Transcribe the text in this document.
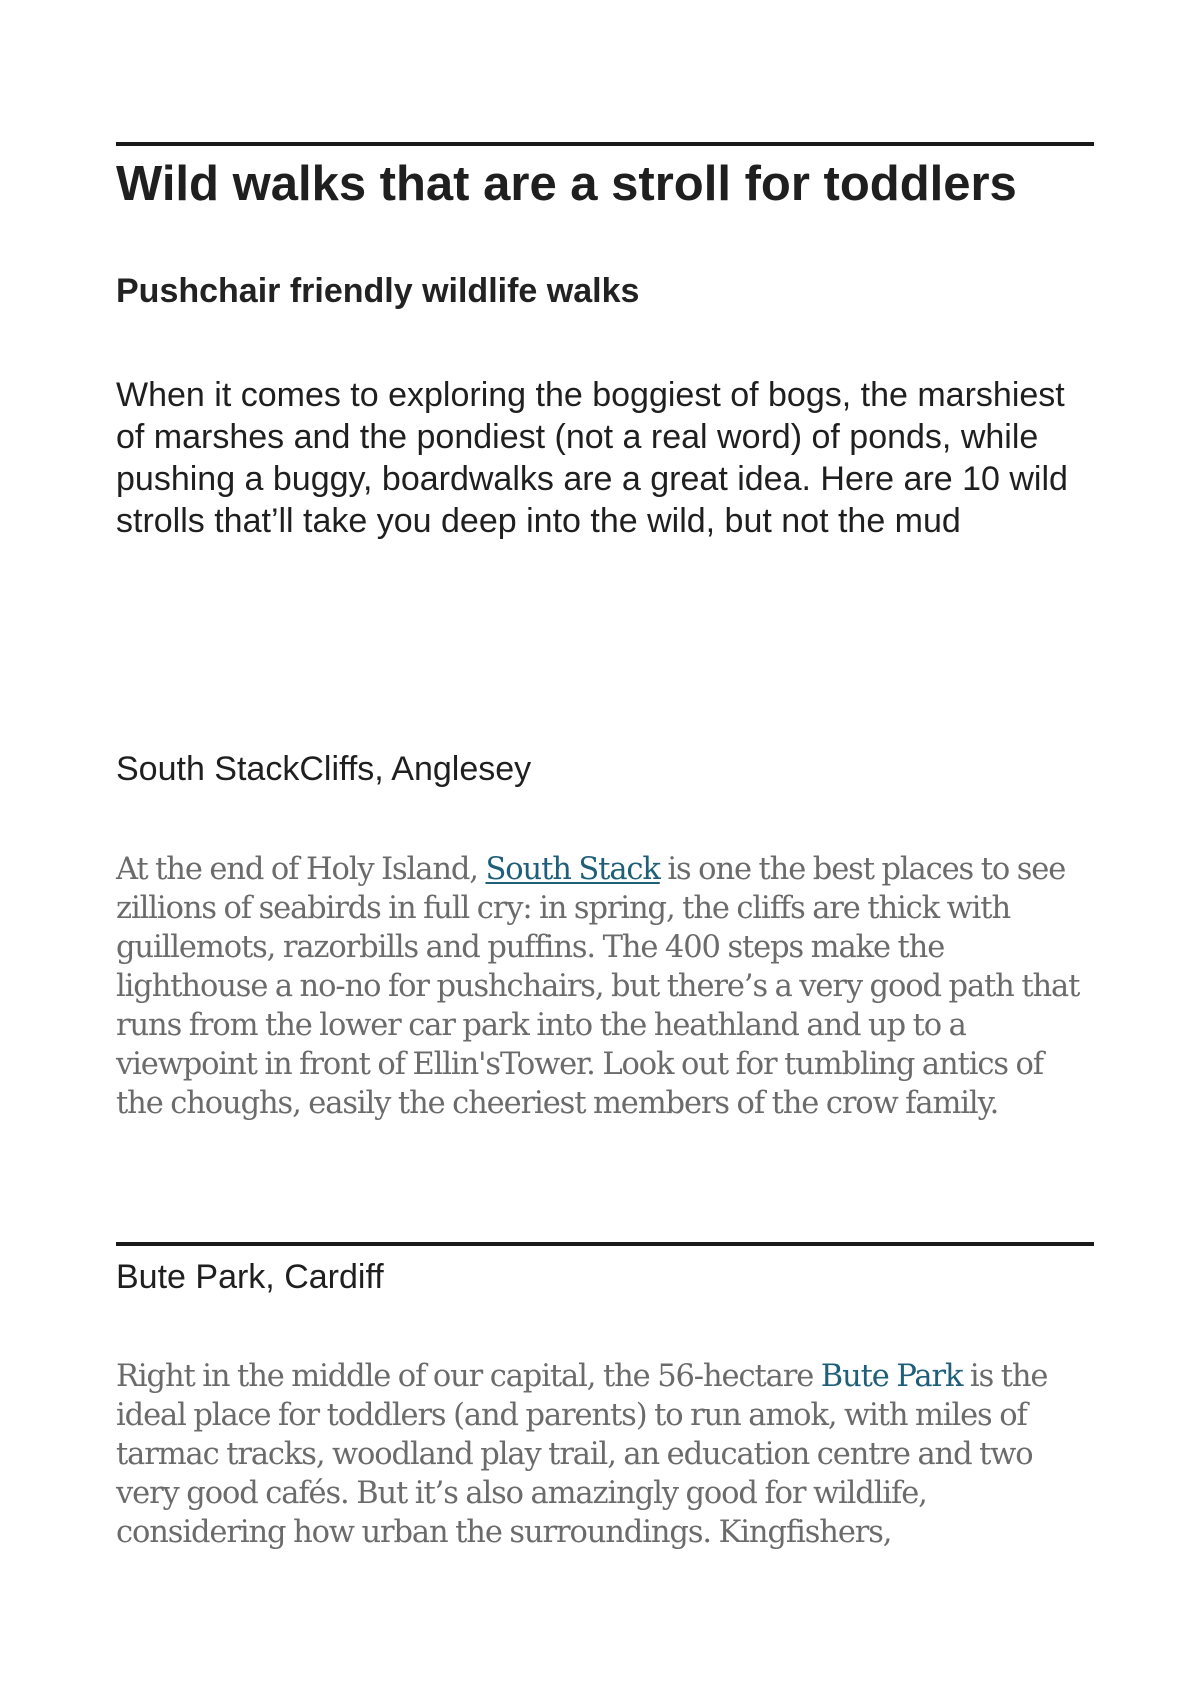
Wild walks that are a stroll for toddlers
Pushchair friendly wildlife walks

When it comes to exploring the boggiest of bogs, the marshiest of marshes and the pondiest (not a real word) of ponds, while pushing a buggy, boardwalks are a great idea. Here are 10 wild strolls that’ll take you deep into the wild, but not the mud

South StackCliffs, Anglesey

At the end of Holy Island, South Stack is one the best places to see zillions of seabirds in full cry: in spring, the cliffs are thick with guillemots, razorbills and puffins. The 400 steps make the lighthouse a no-no for pushchairs, but there’s a very good path that runs from the lower car park into the heathland and up to a viewpoint in front of Ellin'sTower. Look out for tumbling antics of the choughs, easily the cheeriest members of the crow family.

Bute Park, Cardiff

Right in the middle of our capital, the 56-hectare Bute Park is the ideal place for toddlers (and parents) to run amok, with miles of tarmac tracks, woodland play trail, an education centre and two very good cafés. But it’s also amazingly good for wildlife, considering how urban the surroundings. Kingfishers,
